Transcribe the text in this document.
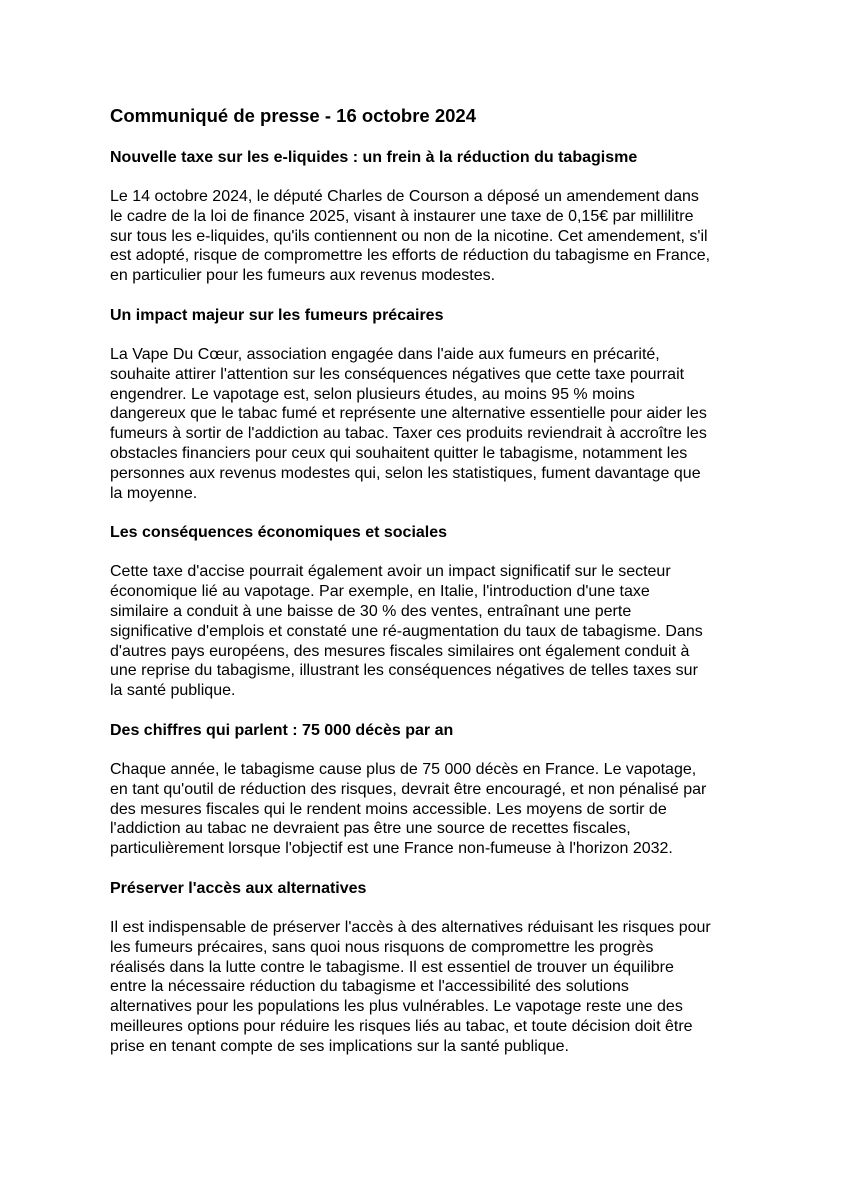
Communiqué de presse - 16 octobre 2024
Nouvelle taxe sur les e-liquides : un frein à la réduction du tabagisme

Le 14 octobre 2024, le député Charles de Courson a déposé un amendement dans
le cadre de la loi de finance 2025, visant à instaurer une taxe de 0,15€ par millilitre
sur tous les e-liquides, qu'ils contiennent ou non de la nicotine. Cet amendement, s'il
est adopté, risque de compromettre les efforts de réduction du tabagisme en France,
en particulier pour les fumeurs aux revenus modestes.

Un impact majeur sur les fumeurs précaires

La Vape Du Cœur, association engagée dans l'aide aux fumeurs en précarité,
souhaite attirer l'attention sur les conséquences négatives que cette taxe pourrait
engendrer. Le vapotage est, selon plusieurs études, au moins 95 % moins
dangereux que le tabac fumé et représente une alternative essentielle pour aider les
fumeurs à sortir de l'addiction au tabac. Taxer ces produits reviendrait à accroître les
obstacles financiers pour ceux qui souhaitent quitter le tabagisme, notamment les
personnes aux revenus modestes qui, selon les statistiques, fument davantage que
la moyenne.

Les conséquences économiques et sociales

Cette taxe d'accise pourrait également avoir un impact significatif sur le secteur
économique lié au vapotage. Par exemple, en Italie, l'introduction d'une taxe
similaire a conduit à une baisse de 30 % des ventes, entraînant une perte
significative d'emplois et constaté une ré-augmentation du taux de tabagisme. Dans
d'autres pays européens, des mesures fiscales similaires ont également conduit à
une reprise du tabagisme, illustrant les conséquences négatives de telles taxes sur
la santé publique.

Des chiffres qui parlent : 75 000 décès par an

Chaque année, le tabagisme cause plus de 75 000 décès en France. Le vapotage,
en tant qu'outil de réduction des risques, devrait être encouragé, et non pénalisé par
des mesures fiscales qui le rendent moins accessible. Les moyens de sortir de
l'addiction au tabac ne devraient pas être une source de recettes fiscales,
particulièrement lorsque l'objectif est une France non-fumeuse à l'horizon 2032.

Préserver l'accès aux alternatives

Il est indispensable de préserver l'accès à des alternatives réduisant les risques pour
les fumeurs précaires, sans quoi nous risquons de compromettre les progrès
réalisés dans la lutte contre le tabagisme. Il est essentiel de trouver un équilibre
entre la nécessaire réduction du tabagisme et l'accessibilité des solutions
alternatives pour les populations les plus vulnérables. Le vapotage reste une des
meilleures options pour réduire les risques liés au tabac, et toute décision doit être
prise en tenant compte de ses implications sur la santé publique.
